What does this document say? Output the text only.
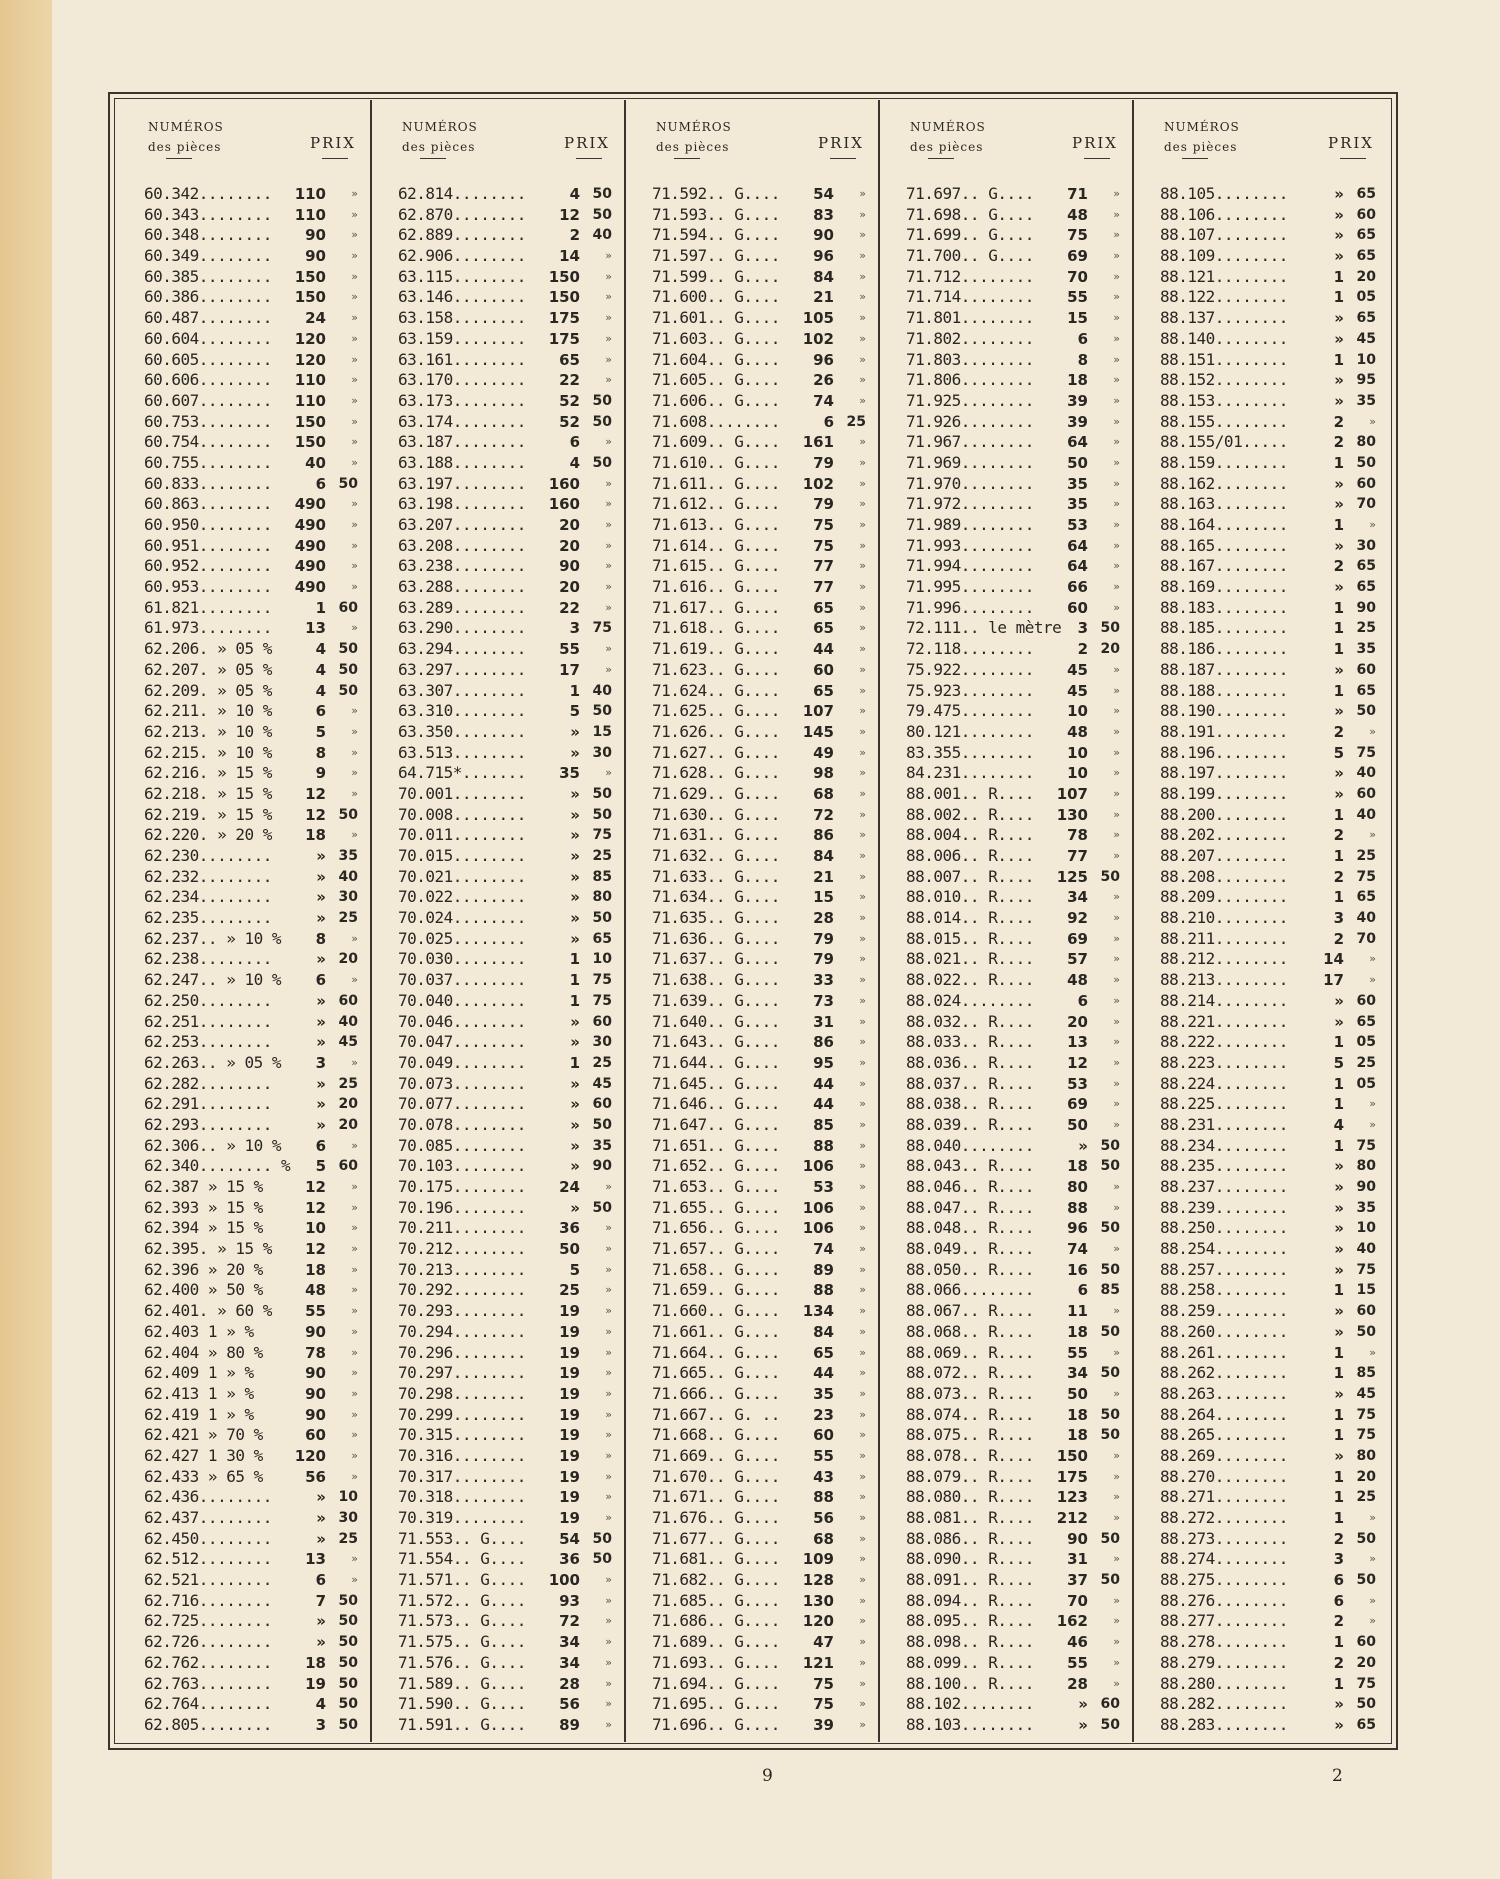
NUMÉROS
des pièces	PRIX
60.342........ 110	»
60.343........ 110	»
60.348........ 90	»
60.349........ 90	»
60.385........ 150	»
60.386........ 150	»
60.487........ 24	»
60.604........ 120	»
60.605........ 120	»
60.606........ 110	»
60.607........ 110	»
60.753........ 150	»
60.754........ 150	»
60.755........ 40	»
60.833........	6 50
60.863........ 490	»
60.950........ 490	»
60.951........ 490	»
60.952........ 490	»
60.953........ 490	»
61.821........	1 60
61.973........ 13	»
62.206. » 05 %	4 50
62.207. » 05 %	4 50
62.209. » 05 %	4 50
62.211. » 10 %	6	»
62.213. » 10 %	5	»
62.215. » 10 %	8	»
62.216. » 15 %	9	»
62.218. » 15 % 12	»
62.219. » 15 % 12 50
62.220. » 20 % 18	»
62.230........	» 35
62.232........	» 40
62.234........	» 30
62.235........	» 25
62.237.. » 10 % 8	»
62.238........	» 20
62.247.. » 10 % 6	»
62.250........	» 60
62.251........	» 40
62.253........	» 45
62.263.. » 05 % 3	»
62.282........	» 25
62.291........	» 20
62.293........	» 20
62.306.. » 10 % 6	»
62.340........ % 5 60
62.387 » 15 %	12	»
62.393 » 15 %	12	»
62.394 » 15 %	10	»
62.395. » 15 % 12	»
62.396 » 20 %	18	»
62.400 » 50 %	48	»
62.401. » 60 % 55	»
62.403 1 » %	90	»
62.404 » 80 %	78	»
62.409 1 » %	90	»
62.413 1 » %	90	»
62.419 1 » %	90	»
62.421 » 70 %	60	»
62.427 1 30 % 120	»
62.433 » 65 %	56	»
62.436........	» 10
62.437........	» 30
62.450........	» 25
62.512........ 13	»
62.521........	6	»
62.716........	7 50
62.725........	» 50
62.726........	» 50
62.762........ 18 50
62.763........ 19 50
62.764........	4 50
62.805........	3 50
NUMÉROS
des pièces	PRIX
62.814........	4 50
62.870........ 12 50
62.889........	2 40
62.906........ 14	»
63.115........ 150	»
63.146........ 150	»
63.158........ 175	»
63.159........ 175	»
63.161........ 65	»
63.170........ 22	»
63.173........ 52 50
63.174........ 52 50
63.187........	6	»
63.188........	4 50
63.197........ 160	»
63.198........ 160	»
63.207........ 20	»
63.208........ 20	»
63.238........ 90	»
63.288........ 20	»
63.289........ 22	»
63.290........	3 75
63.294........ 55	»
63.297........ 17	»
63.307........	1 40
63.310........	5 50
63.350........	» 15
63.513........	» 30
64.715*....... 35	»
70.001........	» 50
70.008........	» 50
70.011........	» 75
70.015........	» 25
70.021........	» 85
70.022........	» 80
70.024........	» 50
70.025........	» 65
70.030........	1 10
70.037........	1 75
70.040........	1 75
70.046........	» 60
70.047........	» 30
70.049........	1 25
70.073........	» 45
70.077........	» 60
70.078........	» 50
70.085........	» 35
70.103........	» 90
70.175........ 24	»
70.196........	» 50
70.211........ 36	»
70.212........ 50	»
70.213........	5	»
70.292........ 25	»
70.293........ 19	»
70.294........ 19	»
70.296........ 19	»
70.297........ 19	»
70.298........ 19	»
70.299........ 19	»
70.315........ 19	»
70.316........ 19	»
70.317........ 19	»
70.318........ 19	»
70.319........ 19	»
71.553.. G.... 54 50
71.554.. G.... 36 50
71.571.. G.... 100	»
71.572.. G.... 93	»
71.573.. G.... 72	»
71.575.. G.... 34	»
71.576.. G.... 34	»
71.589.. G.... 28	»
71.590.. G.... 56	»
71.591.. G.... 89	»
NUMÉROS
des pièces	PRIX
71.592.. G.... 54	»
71.593.. G.... 83	»
71.594.. G.... 90	»
71.597.. G.... 96	»
71.599.. G.... 84	»
71.600.. G.... 21	»
71.601.. G.... 105	»
71.603.. G.... 102	»
71.604.. G.... 96	»
71.605.. G.... 26	»
71.606.. G.... 74	»
71.608........	6 25
71.609.. G.... 161	»
71.610.. G.... 79	»
71.611.. G.... 102	»
71.612.. G.... 79	»
71.613.. G.... 75	»
71.614.. G.... 75	»
71.615.. G.... 77	»
71.616.. G.... 77	»
71.617.. G.... 65	»
71.618.. G.... 65	»
71.619.. G.... 44	»
71.623.. G.... 60	»
71.624.. G.... 65	»
71.625.. G.... 107	»
71.626.. G.... 145	»
71.627.. G.... 49	»
71.628.. G.... 98	»
71.629.. G.... 68	»
71.630.. G.... 72	»
71.631.. G.... 86	»
71.632.. G.... 84	»
71.633.. G.... 21	»
71.634.. G.... 15	»
71.635.. G.... 28	»
71.636.. G.... 79	»
71.637.. G.... 79	»
71.638.. G.... 33	»
71.639.. G.... 73	»
71.640.. G.... 31	»
71.643.. G.... 86	»
71.644.. G.... 95	»
71.645.. G.... 44	»
71.646.. G.... 44	»
71.647.. G.... 85	»
71.651.. G.... 88	»
71.652.. G.... 106	»
71.653.. G.... 53	»
71.655.. G.... 106	»
71.656.. G.... 106	»
71.657.. G.... 74	»
71.658.. G.... 89	»
71.659.. G.... 88	»
71.660.. G.... 134	»
71.661.. G.... 84	»
71.664.. G.... 65	»
71.665.. G.... 44	»
71.666.. G.... 35	»
71.667.. G. .. 23	»
71.668.. G.... 60	»
71.669.. G.... 55	»
71.670.. G.... 43	»
71.671.. G.... 88	»
71.676.. G.... 56	»
71.677.. G.... 68	»
71.681.. G.... 109	»
71.682.. G.... 128	»
71.685.. G.... 130	»
71.686.. G.... 120	»
71.689.. G.... 47	»
71.693.. G.... 121	»
71.694.. G.... 75	»
71.695.. G.... 75	»
71.696.. G.... 39	»
NUMÉROS
des pièces	PRIX
71.697.. G.... 71	»
71.698.. G.... 48	»
71.699.. G.... 75	»
71.700.. G.... 69	»
71.712........ 70	»
71.714........ 55	»
71.801........ 15	»
71.802........	6	»
71.803........	8	»
71.806........ 18	»
71.925........ 39	»
71.926........ 39	»
71.967........ 64	»
71.969........ 50	»
71.970........ 35	»
71.972........ 35	»
71.989........ 53	»
71.993........ 64	»
71.994........ 64	»
71.995........ 66	»
71.996........ 60	»
72.111.. le mètre 3 50
72.118........	2 20
75.922........ 45	»
75.923........ 45	»
79.475........ 10	»
80.121........ 48	»
83.355........ 10	»
84.231........ 10	»
88.001.. R.... 107	»
88.002.. R.... 130	»
88.004.. R.... 78	»
88.006.. R.... 77	»
88.007.. R.... 125 50
88.010.. R.... 34	»
88.014.. R.... 92	»
88.015.. R.... 69	»
88.021.. R.... 57	»
88.022.. R.... 48	»
88.024........	6	»
88.032.. R.... 20	»
88.033.. R.... 13	»
88.036.. R.... 12	»
88.037.. R.... 53	»
88.038.. R.... 69	»
88.039.. R.... 50	»
88.040........	» 50
88.043.. R.... 18 50
88.046.. R.... 80	»
88.047.. R.... 88	»
88.048.. R.... 96 50
88.049.. R.... 74	»
88.050.. R.... 16 50
88.066........	6 85
88.067.. R.... 11	»
88.068.. R.... 18 50
88.069.. R.... 55	»
88.072.. R.... 34 50
88.073.. R.... 50	»
88.074.. R.... 18 50
88.075.. R.... 18 50
88.078.. R.... 150	»
88.079.. R.... 175	»
88.080.. R.... 123	»
88.081.. R.... 212	»
88.086.. R.... 90 50
88.090.. R.... 31	»
88.091.. R.... 37 50
88.094.. R.... 70	»
88.095.. R.... 162	»
88.098.. R.... 46	»
88.099.. R.... 55	»
88.100.. R.... 28	»
88.102........	» 60
88.103........	» 50
NUMÉROS
des pièces	PRIX
88.105........	» 65
88.106........	» 60
88.107........	» 65
88.109........	» 65
88.121........	1 20
88.122........	1 05
88.137........	» 65
88.140........	» 45
88.151........	1 10
88.152........	» 95
88.153........	» 35
88.155........	2	»
88.155/01.....	2 80
88.159........	1 50
88.162........	» 60
88.163........	» 70
88.164........	1	»
88.165........	» 30
88.167........	2 65
88.169........	» 65
88.183........	1 90
88.185........	1 25
88.186........	1 35
88.187........	» 60
88.188........	1 65
88.190........	» 50
88.191........	2	»
88.196........	5 75
88.197........	» 40
88.199........	» 60
88.200........	1 40
88.202........	2	»
88.207........	1 25
88.208........	2 75
88.209........	1 65
88.210........	3 40
88.211........	2 70
88.212........ 14	»
88.213........ 17	»
88.214........	» 60
88.221........	» 65
88.222........	1 05
88.223........	5 25
88.224........	1 05
88.225........	1	»
88.231........	4	»
88.234........	1 75
88.235........	» 80
88.237........	» 90
88.239........	» 35
88.250........	» 10
88.254........	» 40
88.257........	» 75
88.258........	1 15
88.259........	» 60
88.260........	» 50
88.261........	1	»
88.262........	1 85
88.263........	» 45
88.264........	1 75
88.265........	1 75
88.269........	» 80
88.270........	1 20
88.271........	1 25
88.272........	1	»
88.273........	2 50
88.274........	3	»
88.275........	6 50
88.276........	6	»
88.277........	2	»
88.278........	1 60
88.279........	2 20
88.280........	1 75
88.282........	» 50
88.283........	» 65
9	2
